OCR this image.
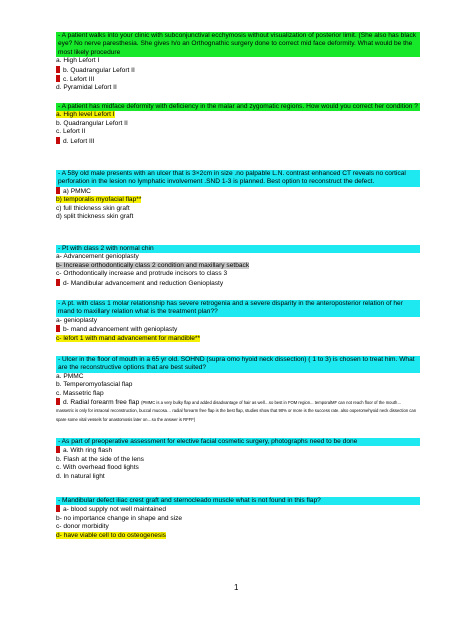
- A patient walks into your clinic with subconjunctival ecchymosis without visualization of posterior limit. (She also has black eye? No nerve paresthesia. She gives h/o an Orthognathic surgery done to correct mid face deformity. What would be the most likely procedure
a. High Lefort I
b. Quadrangular Lefort II
c. Lefort III
d. Pyramidal Lefort II
- A patient has midface deformity with deficiency in the malar and zygomatic regions. How would you correct her condition ?
a. High level Lefort I
b. Quadrangular Lefort II
c. Lefort II
d. Lefort III
- A 58y old male presents with an ulcer that is 3×2cm in size .no palpable L.N. contrast enhanced CT reveals no cortical perforation in the lesion no lymphatic involvement .SND 1-3 is planned. Best option to reconstruct the defect.
a) PMMC
b) temporalis myofacial flap**
c) full thickness skin graft
d) split thickness skin graft
- Pt with class 2 with normal chin
a- Advancement genioplasty
b- Increase orthodontically class 2 condition and maxillary setback
c- Orthodontically increase and protrude incisors to class 3
d- Mandibular advancement and reduction Genioplasty
- A pt. with class 1 molar relationship has severe retrogenia and a severe disparity in the anteroposterior relation of her mand to maxillary relation what is the treatment plan??
a- genioplasty
b- mand advancement with genioplasty
c- lefort 1 with mand advancement for mandible**
- Ulcer in the floor of mouth in a 65 yr old. SOHND (supra omo hyoid neck dissection) ( 1 to 3) is chosen to treat him. What are the reconstructive options that are best suited?
a. PMMC
b. Temperomyofascial flap
c. Massetric flap
d. Radial forearm free flap (PMMC is a very bulky flap and added disadvantage of hair as well…so best in FOM region... temporalMF can not reach floor of the mouth… massetric is only for intraoral reconstruction, buccal mucosa… radial forearm free flap is the best flap, studies show that 90% or more is the success rate. also ooperomehyoid neck dissection can spare some vital vessels for anastomosis later on…so the answer is RFFF)
- As part of preoperative assessment for elective facial cosmetic surgery, photographs need to be done
a. With ring flash
b. Flash at the side of the lens
c. With overhead flood lights
d. In natural light
- Mandibular defect iliac crest graft and sternocleado muscle what is not found in this flap?
a- blood supply not well maintained
b- no importance change in shape and size
c- donor morbidity
d- have viable cell to do osteogenesis
1
